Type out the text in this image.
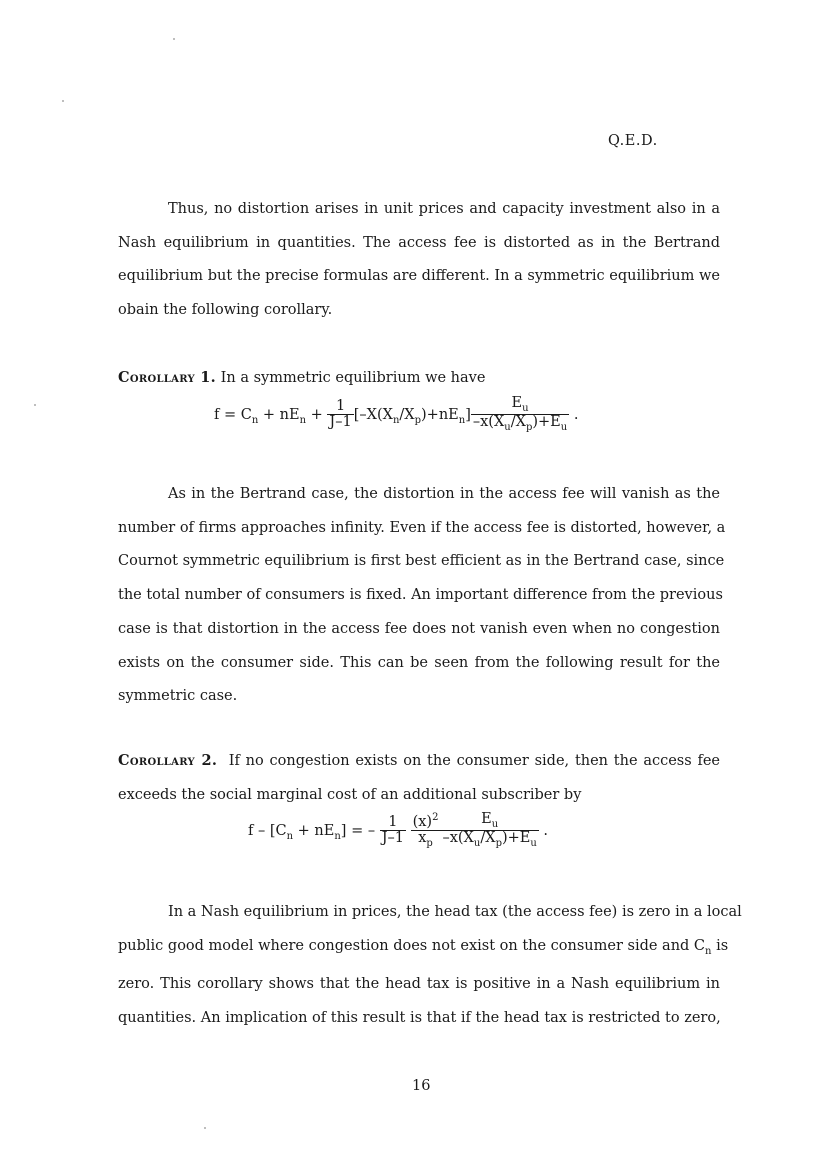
Q.E.D.
Thus, no distortion arises in unit prices and capacity investment also in a
Nash equilibrium in quantities. The access fee is distorted as in the Bertrand
equilibrium but the precise formulas are different. In a symmetric equilibrium we
obain the following corollary.
Corollary 1. In a symmetric equilibrium we have
$f = C_n + nE_n + \frac{1}{J-1} [-X(X_n/X_p)+nE_n] \frac{E_u}{-x(X_u/X_p)+E_u}$ .
As in the Bertrand case, the distortion in the access fee will vanish as the
number of firms approaches infinity. Even if the access fee is distorted, however, a
Cournot symmetric equilibrium is first best efficient as in the Bertrand case, since
the total number of consumers is fixed. An important difference from the previous
case is that distortion in the access fee does not vanish even when no congestion
exists on the consumer side. This can be seen from the following result for the
symmetric case.
Corollary 2. If no congestion exists on the consumer side, then the access fee
exceeds the social marginal cost of an additional subscriber by
$f - [C_n + nE_n]$ = – $\frac{1}{J-1}$
$\frac{(x)^2}{x_p} \frac{E_u}{-x(X_u/X_p)+E_u}$ .
In a Nash equilibrium in prices, the head tax (the access fee) is zero in a local
public good model where congestion does not exist on the consumer side and $C_n$ is
zero. This corollary shows that the head tax is positive in a Nash equilibrium in
quantities. An implication of this result is that if the head tax is restricted to zero,
16
